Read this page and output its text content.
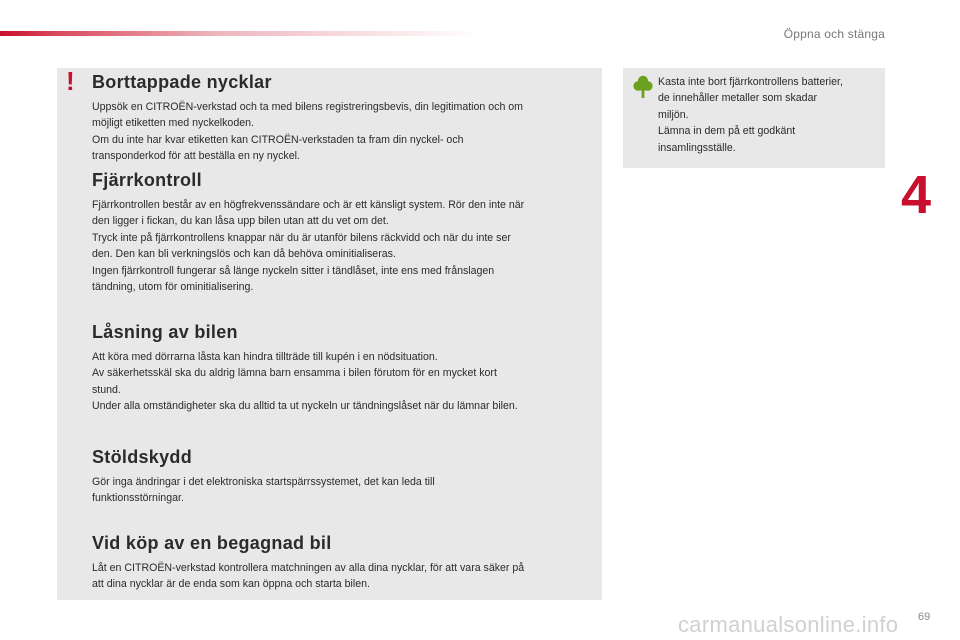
Öppna och stänga
4
! Borttappade nycklar

Uppsök en CITROËN-verkstad och ta med bilens registreringsbevis, din legitimation och om
möjligt etiketten med nyckelkoden.
Om du inte har kvar etiketten kan CITROËN-verkstaden ta fram din nyckel- och
transponderkod för att beställa en ny nyckel.

Fjärrkontroll

Fjärrkontrollen består av en högfrekvenssändare och är ett känsligt system. Rör den inte när
den ligger i fickan, du kan låsa upp bilen utan att du vet om det.
Tryck inte på fjärrkontrollens knappar när du är utanför bilens räckvidd och när du inte ser
den. Den kan bli verkningslös och kan då behöva ominitialiseras.
Ingen fjärrkontroll fungerar så länge nyckeln sitter i tändlåset, inte ens med frånslagen
tändning, utom för ominitialisering.

Låsning av bilen

Att köra med dörrarna låsta kan hindra tillträde till kupén i en nödsituation.
Av säkerhetsskäl ska du aldrig lämna barn ensamma i bilen förutom för en mycket kort
stund.
Under alla omständigheter ska du alltid ta ut nyckeln ur tändningslåset när du lämnar bilen.

Stöldskydd

Gör inga ändringar i det elektroniska startspärrssystemet, det kan leda till
funktionsstörningar.

Vid köp av en begagnad bil

Låt en CITROËN-verkstad kontrollera matchningen av alla dina nycklar, för att vara säker på
att dina nycklar är de enda som kan öppna och starta bilen.

Kasta inte bort fjärrkontrollens batterier,
de innehåller metaller som skadar
miljön.
Lämna in dem på ett godkänt
insamlingsställe.

carmanualsonline.info 69
